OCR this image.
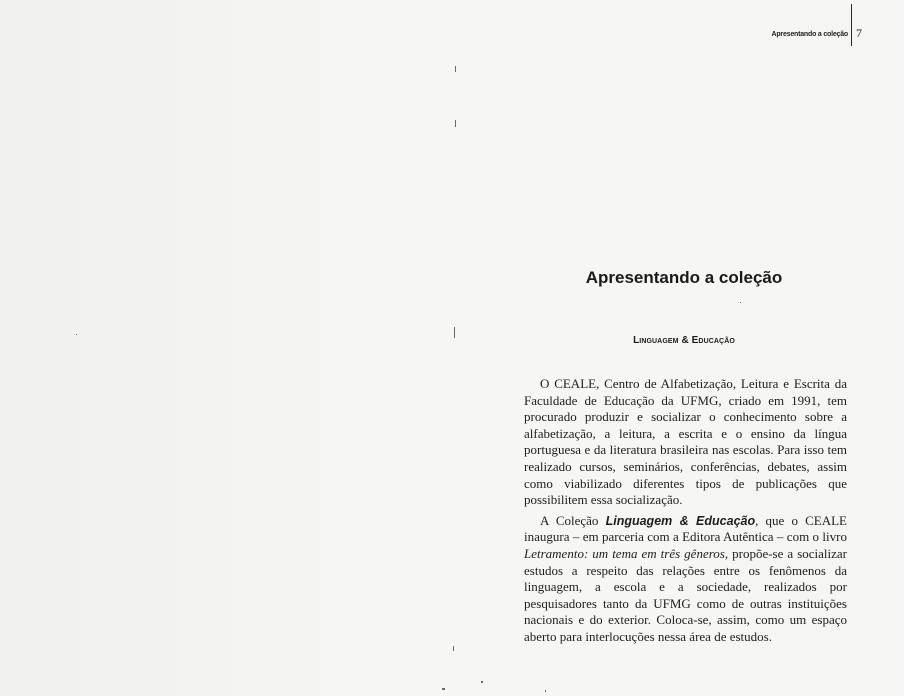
Apresentando a coleção 7
Apresentando a coleção
Linguagem & Educação

O CEALE, Centro de Alfabetização, Leitura e Escrita da Faculdade de Educação da UFMG, criado em 1991, tem procurado produzir e socializar o conhecimento sobre a alfabetização, a leitura, a escrita e o ensino da língua portuguesa e da literatura brasileira nas escolas. Para isso tem realizado cursos, seminários, conferências, debates, assim como viabilizado diferentes tipos de publicações que possibilitem essa socialização.

A Coleção Linguagem & Educação, que o CEALE inaugura – em parceria com a Editora Autêntica – com o livro Letramento: um tema em três gêneros, propõe-se a socializar estudos a respeito das relações entre os fenômenos da linguagem, a escola e a sociedade, realizados por pesquisadores tanto da UFMG como de outras instituições nacionais e do exterior. Coloca-se, assim, como um espaço aberto para interlocuções nessa área de estudos.
